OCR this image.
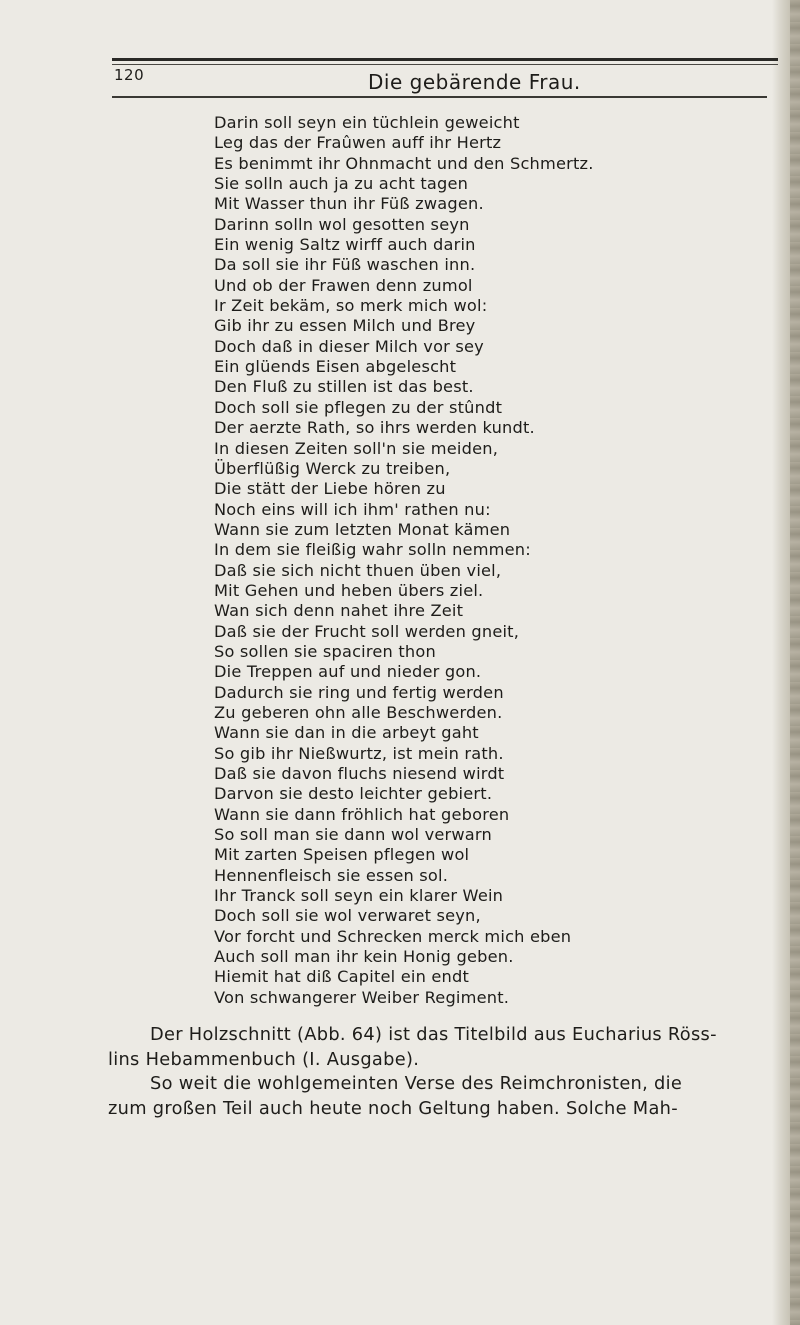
120	Die gebärende Frau.
Darin soll seyn ein tüchlein geweicht
Leg das der Fraûwen auff ihr Hertz
Es benimmt ihr Ohnmacht und den Schmertz.
Sie solln auch ja zu acht tagen
Mit Wasser thun ihr Füß zwagen.
Darinn solln wol gesotten seyn
Ein wenig Saltz wirff auch darin
Da soll sie ihr Füß waschen inn.
Und ob der Frawen denn zumol
Ir Zeit bekäm, so merk mich wol:
Gib ihr zu essen Milch und Brey
Doch daß in dieser Milch vor sey
Ein glüends Eisen abgelescht
Den Fluß zu stillen ist das best.
Doch soll sie pflegen zu der stûndt
Der aerzte Rath, so ihrs werden kundt.
In diesen Zeiten soll'n sie meiden,
Überflüßig Werck zu treiben,
Die stätt der Liebe hören zu
Noch eins will ich ihm' rathen nu:
Wann sie zum letzten Monat kämen
In dem sie fleißig wahr solln nemmen:
Daß sie sich nicht thuen üben viel,
Mit Gehen und heben übers ziel.
Wan sich denn nahet ihre Zeit
Daß sie der Frucht soll werden gneit,
So sollen sie spaciren thon
Die Treppen auf und nieder gon.
Dadurch sie ring und fertig werden
Zu geberen ohn alle Beschwerden.
Wann sie dan in die arbeyt gaht
So gib ihr Nießwurtz, ist mein rath.
Daß sie davon fluchs niesend wirdt
Darvon sie desto leichter gebiert.
Wann sie dann fröhlich hat geboren
So soll man sie dann wol verwarn
Mit zarten Speisen pflegen wol
Hennenfleisch sie essen sol.
Ihr Tranck soll seyn ein klarer Wein
Doch soll sie wol verwaret seyn,
Vor forcht und Schrecken merck mich eben
Auch soll man ihr kein Honig geben.
Hiemit hat diß Capitel ein endt
Von schwangerer Weiber Regiment.
Der Holzschnitt (Abb. 64) ist das Titelbild aus Eucharius Röss-
lins Hebammenbuch (I. Ausgabe).
So weit die wohlgemeinten Verse des Reimchronisten, die
zum großen Teil auch heute noch Geltung haben. Solche Mah-
